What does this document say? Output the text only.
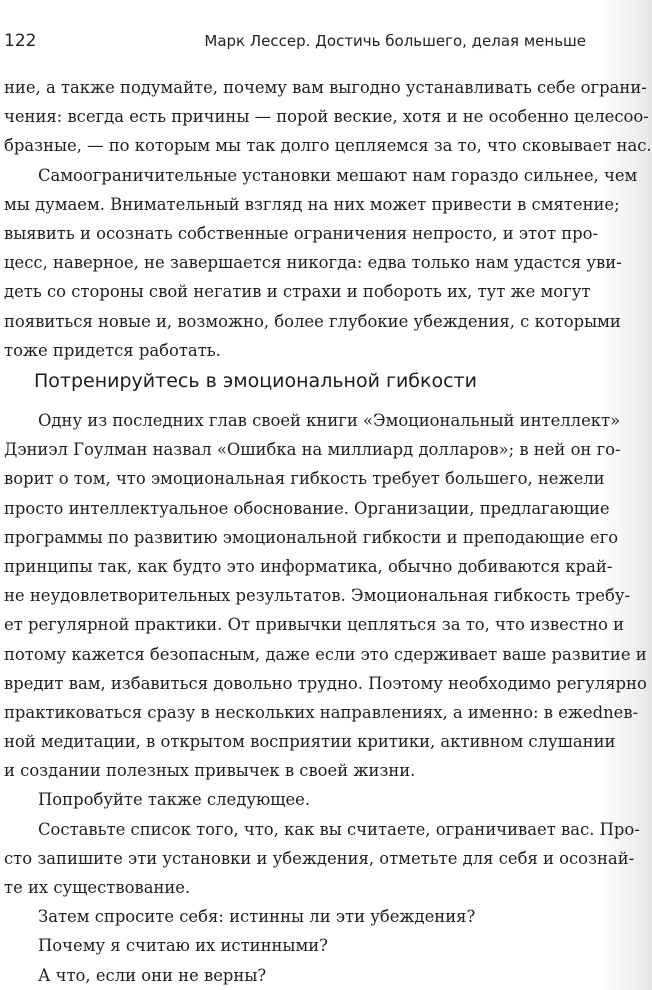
122	Марк Лессер. Достичь большего, делая меньше
ние, а также подумайте, почему вам выгодно устанавливать себе ограни-
чения: всегда есть причины — порой веские, хотя и не особенно целесоо-
бразные, — по которым мы так долго цепляемся за то, что сковывает нас.
Самоограничительные установки мешают нам гораздо сильнее, чем
мы думаем. Внимательный взгляд на них может привести в смятение;
выявить и осознать собственные ограничения непросто, и этот про-
цесс, наверное, не завершается никогда: едва только нам удастся уви-
деть со стороны свой негатив и страхи и побороть их, тут же могут
появиться новые и, возможно, более глубокие убеждения, с которыми
тоже придется работать.
Потренируйтесь в эмоциональной гибкости
Одну из последних глав своей книги «Эмоциональный интеллект»
Дэниэл Гоулман назвал «Ошибка на миллиард долларов»; в ней он го-
ворит о том, что эмоциональная гибкость требует большего, нежели
просто интеллектуальное обоснование. Организации, предлагающие
программы по развитию эмоциональной гибкости и преподающие его
принципы так, как будто это информатика, обычно добиваются край-
не неудовлетворительных результатов. Эмоциональная гибкость требу-
ет регулярной практики. От привычки цепляться за то, что известно и
потому кажется безопасным, даже если это сдерживает ваше развитие и
вредит вам, избавиться довольно трудно. Поэтому необходимо регулярно
практиковаться сразу в нескольких направлениях, а именно: в ежednев-
ной медитации, в открытом восприятии критики, активном слушании
и создании полезных привычек в своей жизни.
Попробуйте также следующее.
Составьте список того, что, как вы считаете, ограничивает вас. Про-
сто запишите эти установки и убеждения, отметьте для себя и осознай-
те их существование.
Затем спросите себя: истинны ли эти убеждения?
Почему я считаю их истинными?
А что, если они не верны?
